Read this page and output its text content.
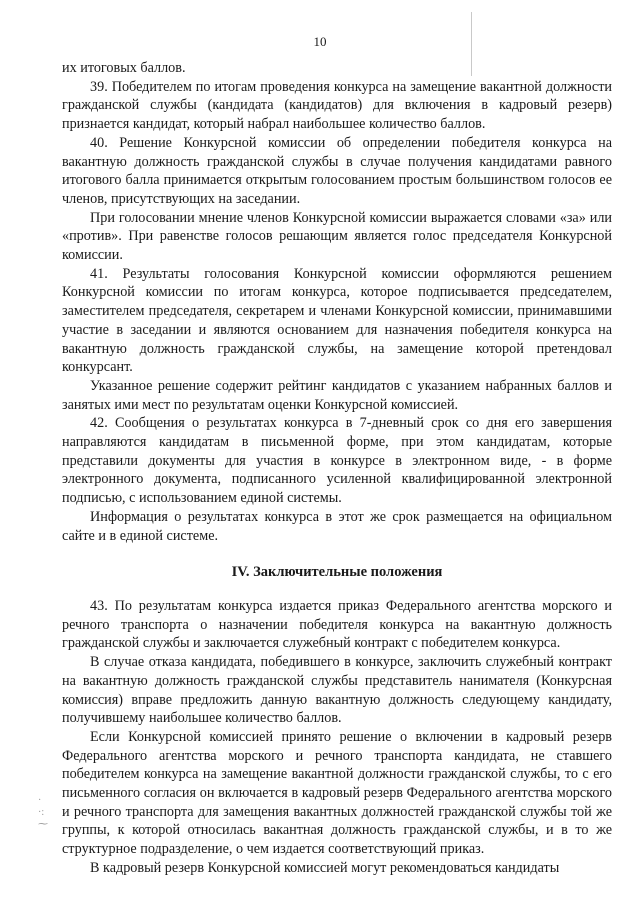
10

их итоговых баллов.

39. Победителем по итогам проведения конкурса на замещение вакантной должности гражданской службы (кандидата (кандидатов) для включения в кадровый резерв) признается кандидат, который набрал наибольшее количество баллов.

40. Решение Конкурсной комиссии об определении победителя конкурса на вакантную должность гражданской службы в случае получения кандидатами равного итогового балла принимается открытым голосованием простым большинством голосов ее членов, присутствующих на заседании.

При голосовании мнение членов Конкурсной комиссии выражается словами «за» или «против». При равенстве голосов решающим является голос председателя Конкурсной комиссии.

41. Результаты голосования Конкурсной комиссии оформляются решением Конкурсной комиссии по итогам конкурса, которое подписывается председателем, заместителем председателя, секретарем и членами Конкурсной комиссии, принимавшими участие в заседании и являются основанием для назначения победителя конкурса на вакантную должность гражданской службы, на замещение которой претендовал конкурсант.

Указанное решение содержит рейтинг кандидатов с указанием набранных баллов и занятых ими мест по результатам оценки Конкурсной комиссией.

42. Сообщения о результатах конкурса в 7-дневный срок со дня его завершения направляются кандидатам в письменной форме, при этом кандидатам, которые представили документы для участия в конкурсе в электронном виде, - в форме электронного документа, подписанного усиленной квалифицированной электронной подписью, с использованием единой системы.

Информация о результатах конкурса в этот же срок размещается на официальном сайте и в единой системе.

IV. Заключительные положения

43. По результатам конкурса издается приказ Федерального агентства морского и речного транспорта о назначении победителя конкурса на вакантную должность гражданской службы и заключается служебный контракт с победителем конкурса.

В случае отказа кандидата, победившего в конкурсе, заключить служебный контракт на вакантную должность гражданской службы представитель нанимателя (Конкурсная комиссия) вправе предложить данную вакантную должность следующему кандидату, получившему наибольшее количество баллов.

Если Конкурсной комиссией принято решение о включении в кадровый резерв Федерального агентства морского и речного транспорта кандидата, не ставшего победителем конкурса на замещение вакантной должности гражданской службы, то с его письменного согласия он включается в кадровый резерв Федерального агентства морского и речного транспорта для замещения вакантных должностей гражданской службы той же группы, к которой относилась вакантная должность гражданской службы, и в то же структурное подразделение, о чем издается соответствующий приказ.

В кадровый резерв Конкурсной комиссией могут рекомендоваться кандидаты

·
·:
⁓
